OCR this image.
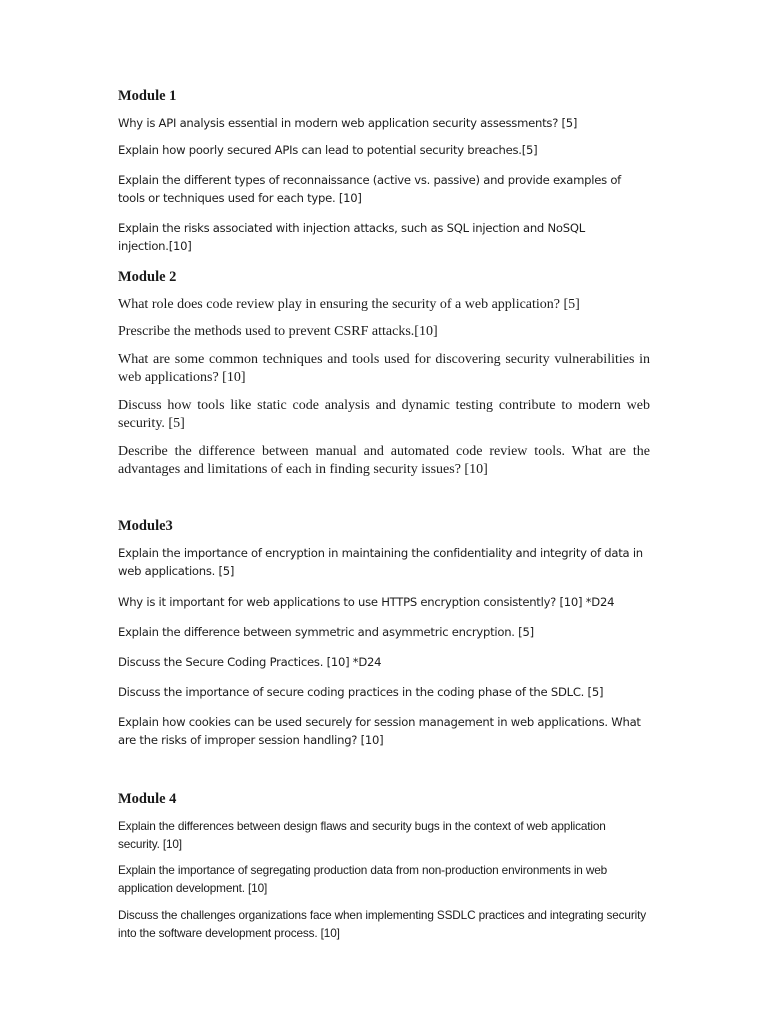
Module 1

Why is API analysis essential in modern web application security assessments? [5]

Explain how poorly secured APIs can lead to potential security breaches.[5]

Explain the different types of reconnaissance (active vs. passive) and provide examples of tools or techniques used for each type. [10]

Explain the risks associated with injection attacks, such as SQL injection and NoSQL injection.[10]

Module 2

What role does code review play in ensuring the security of a web application? [5]

Prescribe the methods used to prevent CSRF attacks.[10]

What are some common techniques and tools used for discovering security vulnerabilities in web applications? [10]

Discuss how tools like static code analysis and dynamic testing contribute to modern web security. [5]

Describe the difference between manual and automated code review tools. What are the advantages and limitations of each in finding security issues? [10]

Module3

Explain the importance of encryption in maintaining the confidentiality and integrity of data in web applications. [5]

Why is it important for web applications to use HTTPS encryption consistently? [10] *D24

Explain the difference between symmetric and asymmetric encryption. [5]

Discuss the Secure Coding Practices. [10] *D24

Discuss the importance of secure coding practices in the coding phase of the SDLC. [5]

Explain how cookies can be used securely for session management in web applications. What are the risks of improper session handling? [10]

Module 4

Explain the differences between design flaws and security bugs in the context of web application security. [10]

Explain the importance of segregating production data from non-production environments in web application development. [10]

Discuss the challenges organizations face when implementing SSDLC practices and integrating security into the software development process. [10]
